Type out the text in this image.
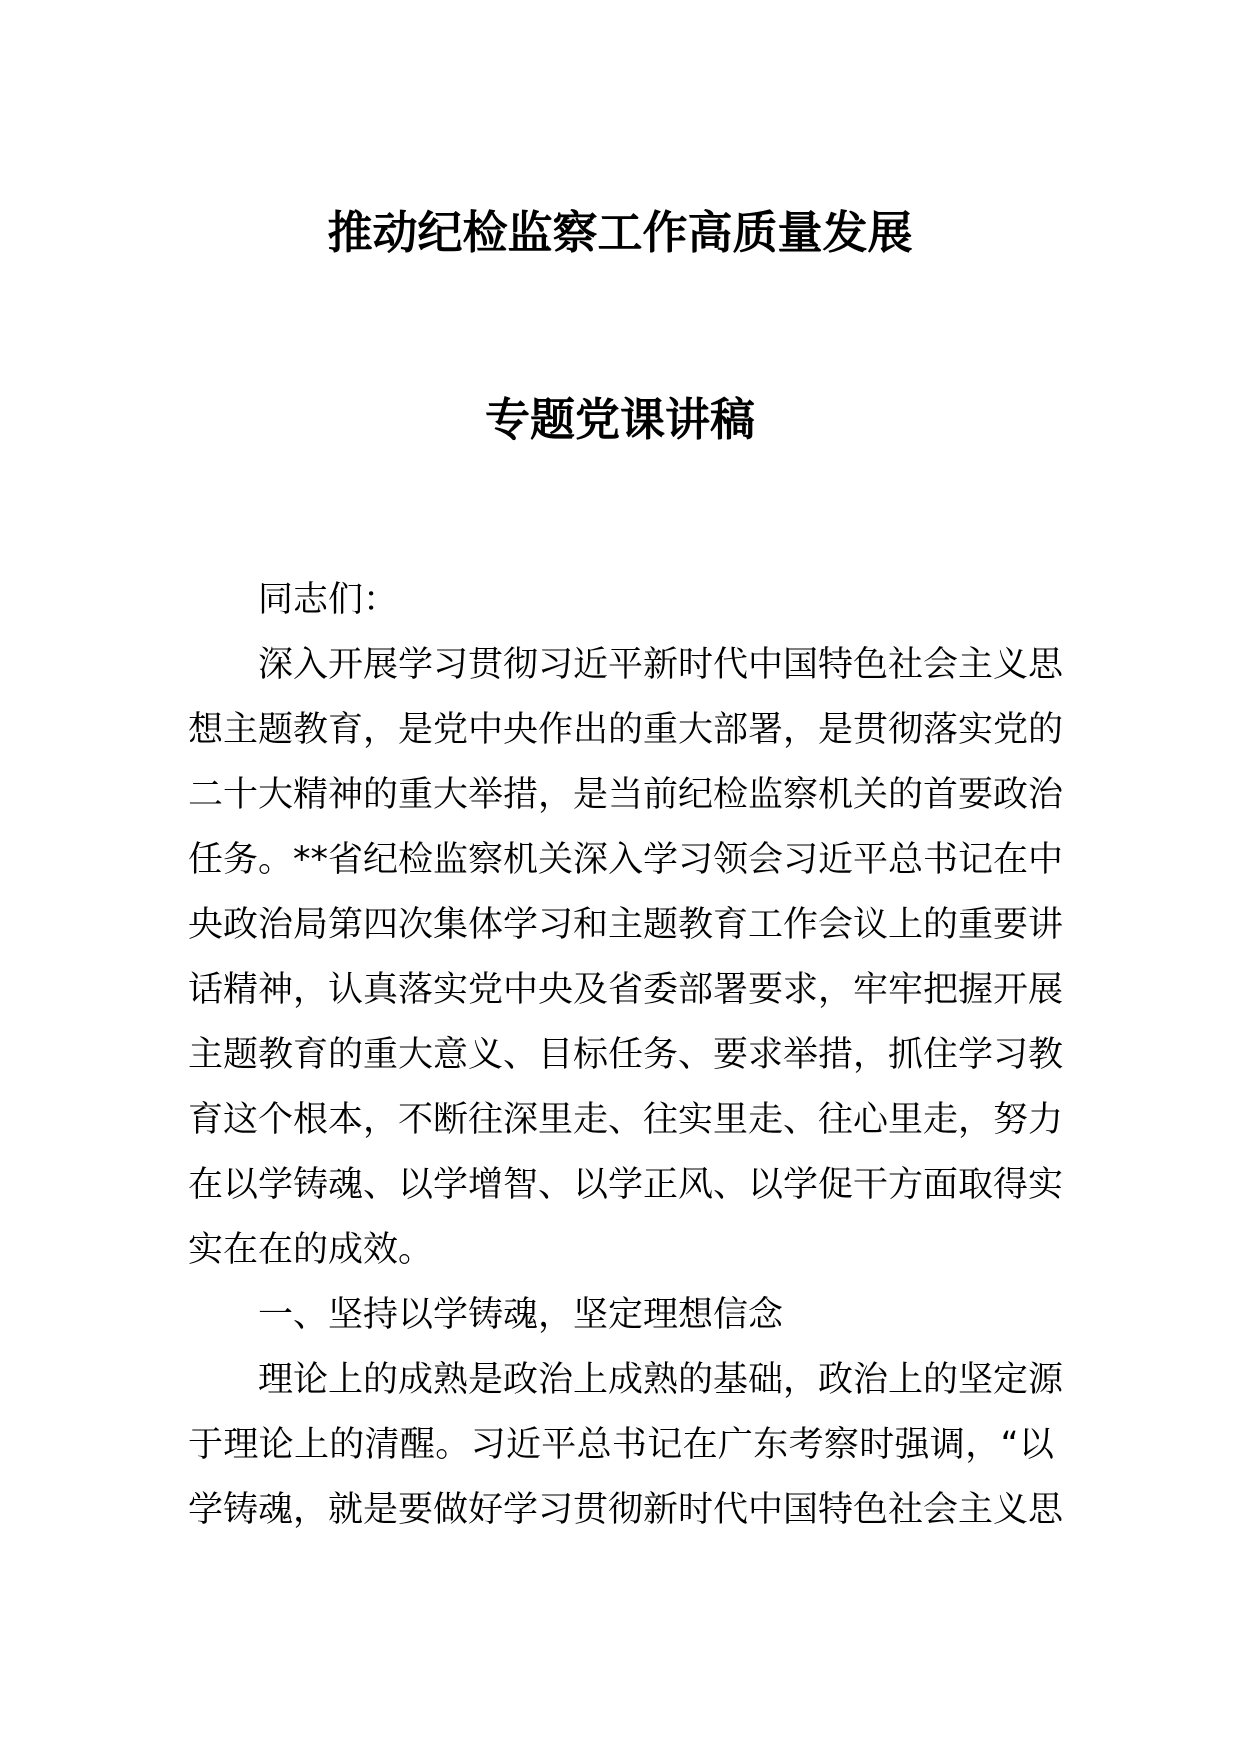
推动纪检监察工作高质量发展
专题党课讲稿
同志们：
深入开展学习贯彻习近平新时代中国特色社会主义思
想主题教育，是党中央作出的重大部署，是贯彻落实党的
二十大精神的重大举措，是当前纪检监察机关的首要政治
任务。**省纪检监察机关深入学习领会习近平总书记在中
央政治局第四次集体学习和主题教育工作会议上的重要讲
话精神，认真落实党中央及省委部署要求，牢牢把握开展
主题教育的重大意义、目标任务、要求举措，抓住学习教
育这个根本，不断往深里走、往实里走、往心里走，努力
在以学铸魂、以学增智、以学正风、以学促干方面取得实
实在在的成效。
一、坚持以学铸魂，坚定理想信念
理论上的成熟是政治上成熟的基础，政治上的坚定源
于理论上的清醒。习近平总书记在广东考察时强调，“以
学铸魂，就是要做好学习贯彻新时代中国特色社会主义思
